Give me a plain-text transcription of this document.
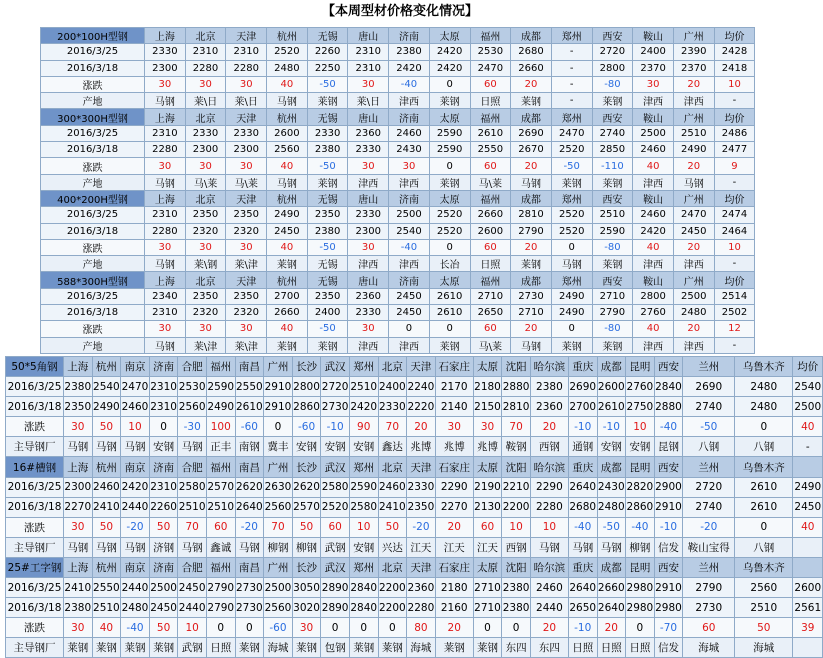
【本周型材价格变化情况】
200*100H型钢	上海	北京	天津	杭州	无锡	唐山	济南	太原	福州	成都	郑州	西安	鞍山	广州	均价
2016/3/25	2330	2310	2310	2520	2260	2310	2380	2420	2530	2680	-	2720	2400	2390	2428
2016/3/18	2300	2280	2280	2480	2250	2310	2420	2420	2470	2660	-	2800	2370	2370	2418
涨跌	30	30	30	40	-50	30	-40	0	60	20	-	-80	30	20	10
产地	马钢	莱\日	莱\日	马钢	莱钢	莱\日	津西	莱钢	日照	莱钢	-	莱钢	津西	津西	-
300*300H型钢	上海	北京	天津	杭州	无锡	唐山	济南	太原	福州	成都	郑州	西安	鞍山	广州	均价
2016/3/25	2310	2330	2330	2600	2330	2360	2460	2590	2610	2690	2470	2740	2500	2510	2486
2016/3/18	2280	2300	2300	2560	2380	2330	2430	2590	2550	2670	2520	2850	2460	2490	2477
涨跌	30	30	30	40	-50	30	30	0	60	20	-50	-110	40	20	9
产地	马钢	马\莱	马\莱	马钢	莱钢	津西	津西	莱钢	马\莱	马钢	莱钢	莱钢	津西	马钢	-
400*200H型钢	上海	北京	天津	杭州	无锡	唐山	济南	太原	福州	成都	郑州	西安	鞍山	广州	均价
2016/3/25	2310	2350	2350	2490	2350	2330	2500	2520	2660	2810	2520	2510	2460	2470	2474
2016/3/18	2280	2320	2320	2450	2380	2300	2540	2520	2600	2790	2520	2590	2420	2450	2464
涨跌	30	30	30	40	-50	30	-40	0	60	20	0	-80	40	20	10
产地	马钢	莱\钢	莱\津	莱钢	无锡	津西	津西	长冶	日照	莱钢	马钢	莱钢	津西	津西	-
588*300H型钢	上海	北京	天津	杭州	无锡	唐山	济南	太原	福州	成都	郑州	西安	鞍山	广州	均价
2016/3/25	2340	2350	2350	2700	2350	2360	2450	2610	2710	2730	2490	2710	2800	2500	2514
2016/3/18	2310	2320	2320	2660	2400	2330	2450	2610	2650	2710	2490	2790	2760	2480	2502
涨跌	30	30	30	40	-50	30	0	0	60	20	0	-80	40	20	12
产地	马钢	莱\津	莱\津	莱钢	莱钢	津西	津西	莱钢	马\莱	马钢	莱钢	莱钢	津西	津西	-
50*5角钢	上海	杭州	南京	济南	合肥	福州	南昌	广州	长沙	武汉	郑州	北京	天津	石家庄	太原	沈阳	哈尔滨	重庆	成都	昆明	西安	兰州	乌鲁木齐	均价
2016/3/25	2380	2540	2470	2310	2530	2590	2550	2910	2800	2720	2510	2400	2240	2170	2180	2880	2380	2690	2600	2760	2840	2690	2480	2540
2016/3/18	2350	2490	2460	2310	2560	2490	2610	2910	2860	2730	2420	2330	2220	2140	2150	2810	2360	2700	2610	2750	2880	2740	2480	2500
涨跌	30	50	10	0	-30	100	-60	0	-60	-10	90	70	20	30	30	70	20	-10	-10	10	-40	-50	0	40
主导钢厂	马钢	马钢	马钢	安钢	马钢	正丰	南钢	冀丰	安钢	安钢	安钢	鑫达	兆博	兆博	兆博	鞍钢	西钢	通钢	安钢	安钢	昆钢	八钢	八钢	-
16#槽钢	上海	杭州	南京	济南	合肥	福州	南昌	广州	长沙	武汉	郑州	北京	天津	石家庄	太原	沈阳	哈尔滨	重庆	成都	昆明	西安	兰州	乌鲁木齐	
2016/3/25	2300	2460	2420	2310	2580	2570	2620	2630	2620	2580	2590	2460	2330	2290	2190	2210	2290	2640	2430	2820	2900	2720	2610	2490
2016/3/18	2270	2410	2440	2260	2510	2510	2640	2560	2570	2520	2580	2410	2350	2270	2130	2200	2280	2680	2480	2860	2910	2740	2610	2450
涨跌	30	50	-20	50	70	60	-20	70	50	60	10	50	-20	20	60	10	10	-40	-50	-40	-10	-20	0	40
主导钢厂	马钢	马钢	马钢	济钢	马钢	鑫诚	马钢	柳钢	柳钢	武钢	安钢	兴达	江天	江天	江天	西钢	马钢	马钢	马钢	柳钢	信发	鞍山宝得	八钢	
25#工字钢	上海	杭州	南京	济南	合肥	福州	南昌	广州	长沙	武汉	郑州	北京	天津	石家庄	太原	沈阳	哈尔滨	重庆	成都	昆明	西安	兰州	乌鲁木齐	
2016/3/25	2410	2550	2440	2500	2450	2790	2730	2500	3050	2890	2840	2200	2360	2180	2710	2380	2460	2640	2660	2980	2910	2790	2560	2600
2016/3/18	2380	2510	2480	2450	2440	2790	2730	2560	3020	2890	2840	2200	2280	2160	2710	2380	2440	2650	2640	2980	2980	2730	2510	2561
涨跌	30	40	-40	50	10	0	0	-60	30	0	0	0	80	20	0	0	20	-10	20	0	-70	60	50	39
主导钢厂	莱钢	莱钢	莱钢	莱钢	武钢	日照	莱钢	海城	莱钢	包钢	莱钢	莱钢	海城	莱钢	莱钢	东四	东四	日照	日照	日照	信发	海城	海城	
